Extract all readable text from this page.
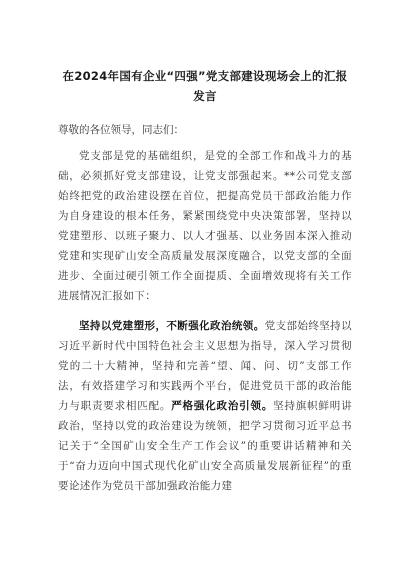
在2024年国有企业“四强”党支部建设现场会上的汇报发言
尊敬的各位领导，同志们：
党支部是党的基础组织，是党的全部工作和战斗力的基础，必须抓好党支部建设，让党支部强起来。**公司党支部始终把党的政治建设摆在首位，把提高党员干部政治能力作为自身建设的根本任务，紧紧围绕党中央决策部署，坚持以党建塑形、以班子聚力、以人才强基、以业务固本深入推动党建和实现矿山安全高质量发展深度融合，以党支部的全面进步、全面过硬引领工作全面提质、全面增效现将有关工作进展情况汇报如下：
坚持以党建塑形，不断强化政治统领。党支部始终坚持以习近平新时代中国特色社会主义思想为指导，深入学习贯彻党的二十大精神，坚持和完善“望、闻、问、切”支部工作法，有效搭建学习和实践两个平台，促进党员干部的政治能力与职责要求相匹配。严格强化政治引领。坚持旗帜鲜明讲政治，坚持以党的政治建设为统领，把学习贯彻习近平总书记关于“全国矿山安全生产工作会议”的重要讲话精神和关于“奋力迈向中国式现代化矿山安全高质量发展新征程”的重要论述作为党员干部加强政治能力建
